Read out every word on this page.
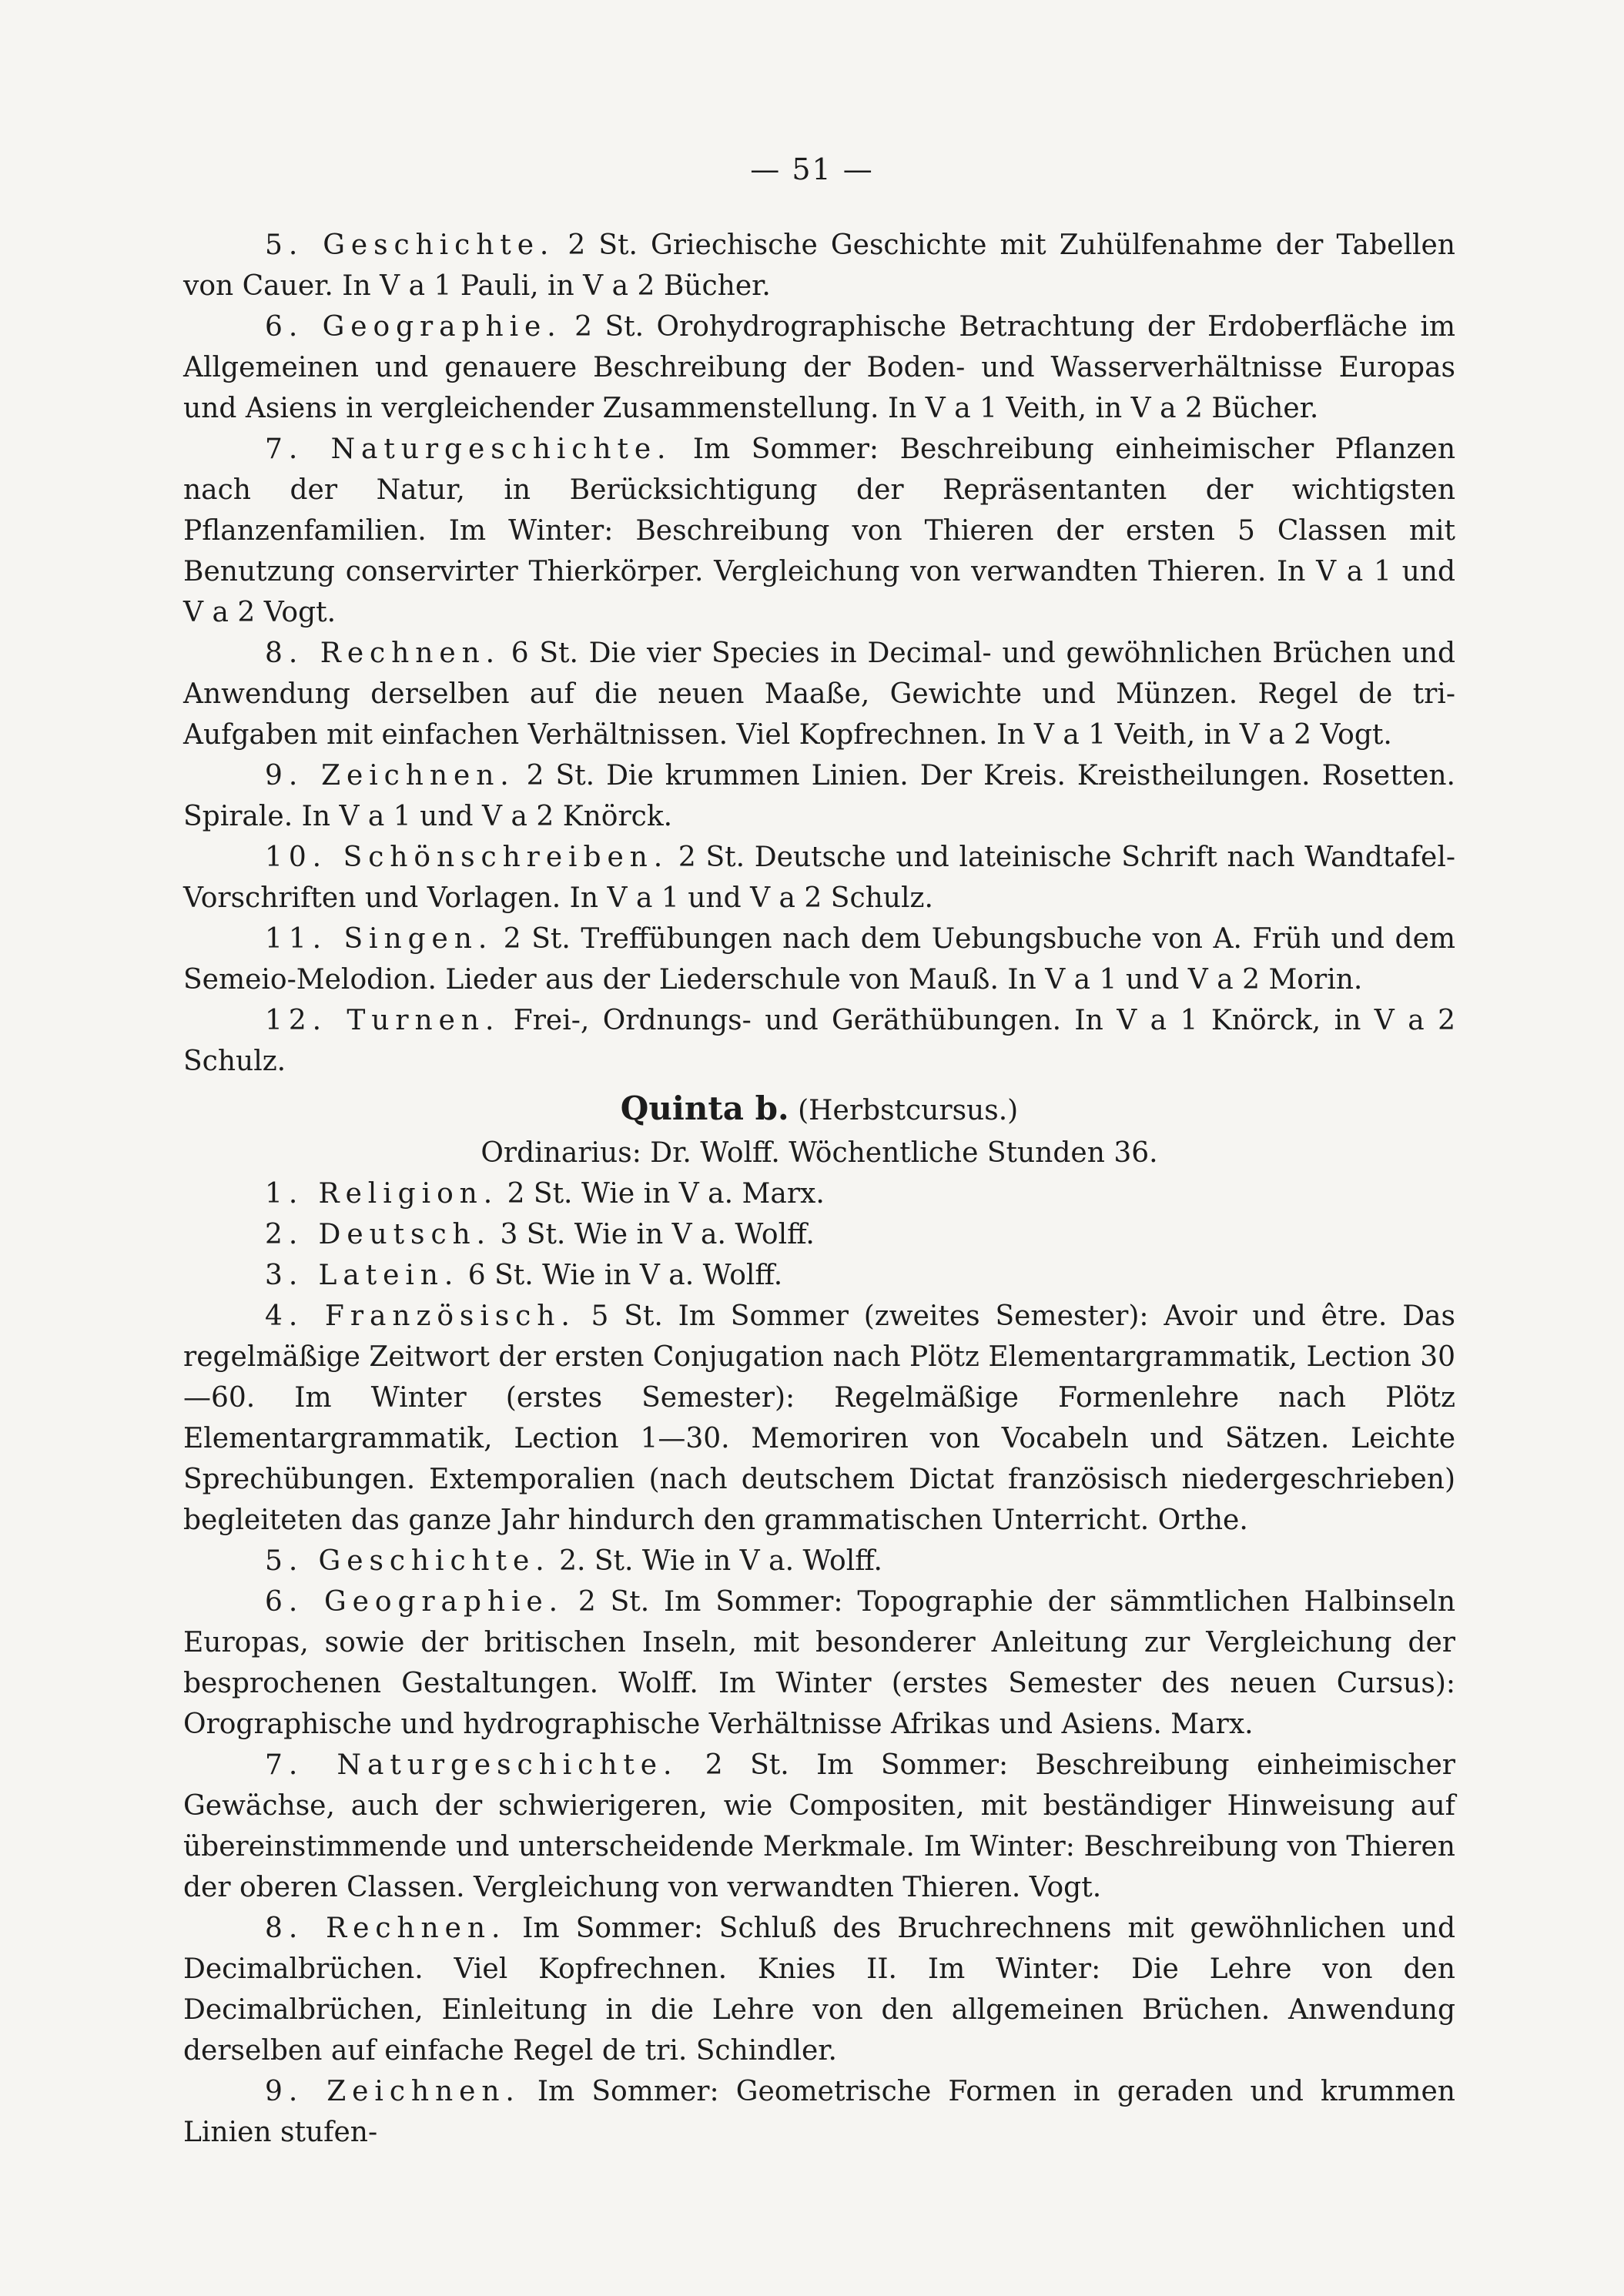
— 51 —

5. Geschichte. 2 St. Griechische Geschichte mit Zuhülfenahme der Tabellen von Cauer. In V a 1 Pauli, in V a 2 Bücher.

6. Geographie. 2 St. Orohydrographische Betrachtung der Erdoberfläche im Allgemeinen und genauere Beschreibung der Boden- und Wasserverhältnisse Europas und Asiens in vergleichender Zusammenstellung. In V a 1 Veith, in V a 2 Bücher.

7. Naturgeschichte. Im Sommer: Beschreibung einheimischer Pflanzen nach der Natur, in Berücksichtigung der Repräsentanten der wichtigsten Pflanzenfamilien. Im Winter: Beschreibung von Thieren der ersten 5 Classen mit Benutzung conservirter Thierkörper. Vergleichung von verwandten Thieren. In V a 1 und V a 2 Vogt.

8. Rechnen. 6 St. Die vier Species in Decimal- und gewöhnlichen Brüchen und Anwendung derselben auf die neuen Maaße, Gewichte und Münzen. Regel de tri-Aufgaben mit einfachen Verhältnissen. Viel Kopfrechnen. In V a 1 Veith, in V a 2 Vogt.

9. Zeichnen. 2 St. Die krummen Linien. Der Kreis. Kreistheilungen. Rosetten. Spirale. In V a 1 und V a 2 Knörck.

10. Schönschreiben. 2 St. Deutsche und lateinische Schrift nach Wandtafel-Vorschriften und Vorlagen. In V a 1 und V a 2 Schulz.

11. Singen. 2 St. Treffübungen nach dem Uebungsbuche von A. Früh und dem Semeio-Melodion. Lieder aus der Liederschule von Mauß. In V a 1 und V a 2 Morin.

12. Turnen. Frei-, Ordnungs- und Geräthübungen. In V a 1 Knörck, in V a 2 Schulz.

Quinta b. (Herbstcursus.)

Ordinarius: Dr. Wolff. Wöchentliche Stunden 36.

1. Religion. 2 St. Wie in V a. Marx.

2. Deutsch. 3 St. Wie in V a. Wolff.

3. Latein. 6 St. Wie in V a. Wolff.

4. Französisch. 5 St. Im Sommer (zweites Semester): Avoir und être. Das regelmäßige Zeitwort der ersten Conjugation nach Plötz Elementargrammatik, Lection 30—60. Im Winter (erstes Semester): Regelmäßige Formenlehre nach Plötz Elementargrammatik, Lection 1—30. Memoriren von Vocabeln und Sätzen. Leichte Sprechübungen. Extemporalien (nach deutschem Dictat französisch niedergeschrieben) begleiteten das ganze Jahr hindurch den grammatischen Unterricht. Orthe.

5. Geschichte. 2. St. Wie in V a. Wolff.

6. Geographie. 2 St. Im Sommer: Topographie der sämmtlichen Halbinseln Europas, sowie der britischen Inseln, mit besonderer Anleitung zur Vergleichung der besprochenen Gestaltungen. Wolff. Im Winter (erstes Semester des neuen Cursus): Orographische und hydrographische Verhältnisse Afrikas und Asiens. Marx.

7. Naturgeschichte. 2 St. Im Sommer: Beschreibung einheimischer Gewächse, auch der schwierigeren, wie Compositen, mit beständiger Hinweisung auf übereinstimmende und unterscheidende Merkmale. Im Winter: Beschreibung von Thieren der oberen Classen. Vergleichung von verwandten Thieren. Vogt.

8. Rechnen. Im Sommer: Schluß des Bruchrechnens mit gewöhnlichen und Decimalbrüchen. Viel Kopfrechnen. Knies II. Im Winter: Die Lehre von den Decimalbrüchen, Einleitung in die Lehre von den allgemeinen Brüchen. Anwendung derselben auf einfache Regel de tri. Schindler.

9. Zeichnen. Im Sommer: Geometrische Formen in geraden und krummen Linien stufen-
